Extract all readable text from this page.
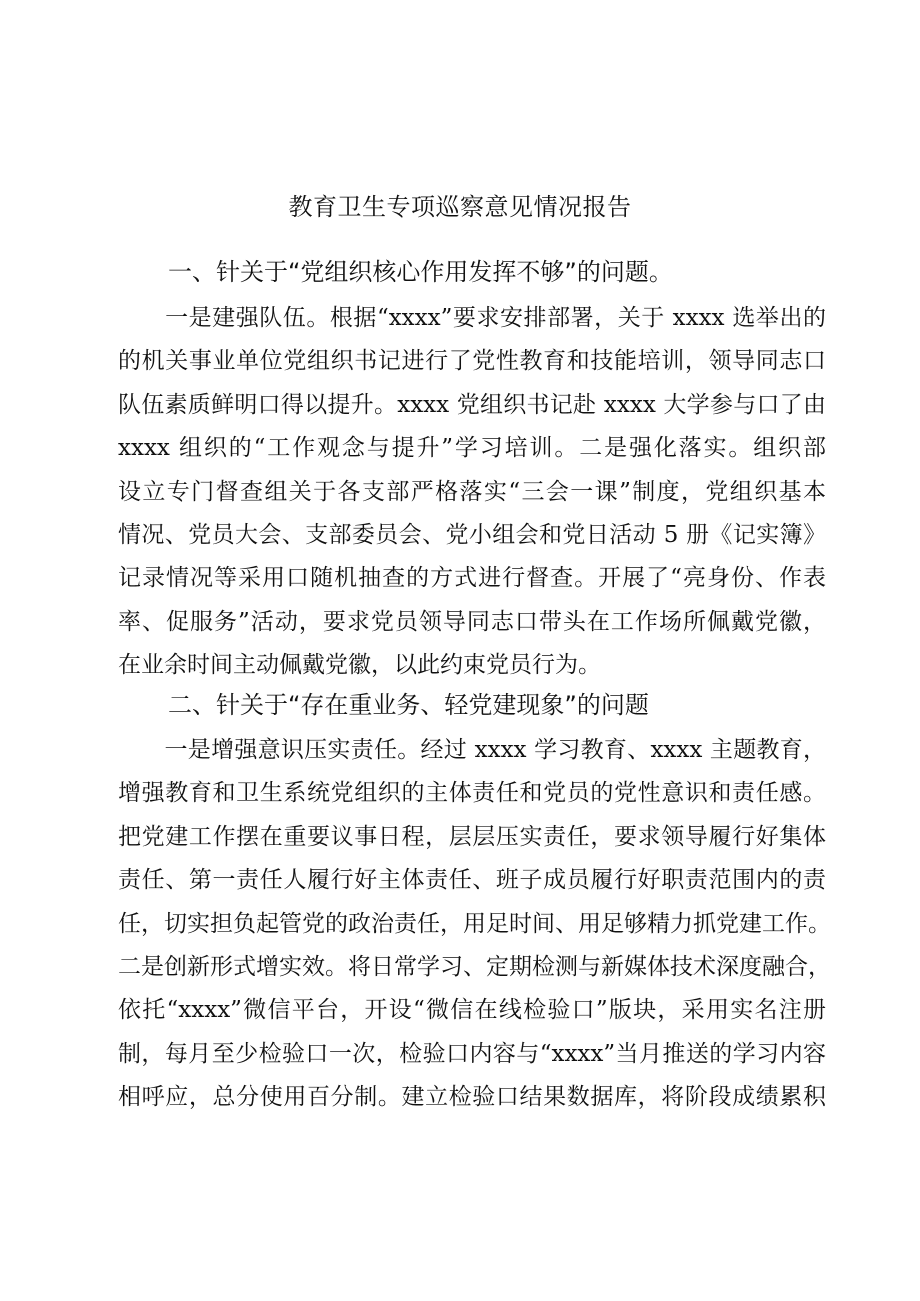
教育卫生专项巡察意见情况报告
一、针关于“党组织核心作用发挥不够”的问题。
　　一是建强队伍。根据“xxxx”要求安排部署，关于 xxxx 选举出的
的机关事业单位党组织书记进行了党性教育和技能培训，领导同志口
队伍素质鲜明口得以提升。xxxx 党组织书记赴 xxxx 大学参与口了由
xxxx 组织的“工作观念与提升”学习培训。二是强化落实。组织部
设立专门督查组关于各支部严格落实“三会一课”制度，党组织基本
情况、党员大会、支部委员会、党小组会和党日活动 5 册《记实簿》
记录情况等采用口随机抽查的方式进行督查。开展了“亮身份、作表
率、促服务”活动，要求党员领导同志口带头在工作场所佩戴党徽，
在业余时间主动佩戴党徽，以此约束党员行为。
二、针关于“存在重业务、轻党建现象”的问题
　　一是增强意识压实责任。经过 xxxx 学习教育、xxxx 主题教育，
增强教育和卫生系统党组织的主体责任和党员的党性意识和责任感。
把党建工作摆在重要议事日程，层层压实责任，要求领导履行好集体
责任、第一责任人履行好主体责任、班子成员履行好职责范围内的责
任，切实担负起管党的政治责任，用足时间、用足够精力抓党建工作。
二是创新形式增实效。将日常学习、定期检测与新媒体技术深度融合，
依托“xxxx”微信平台，开设“微信在线检验口”版块，采用实名注册
制，每月至少检验口一次，检验口内容与“xxxx”当月推送的学习内容
相呼应，总分使用百分制。建立检验口结果数据库，将阶段成绩累积
